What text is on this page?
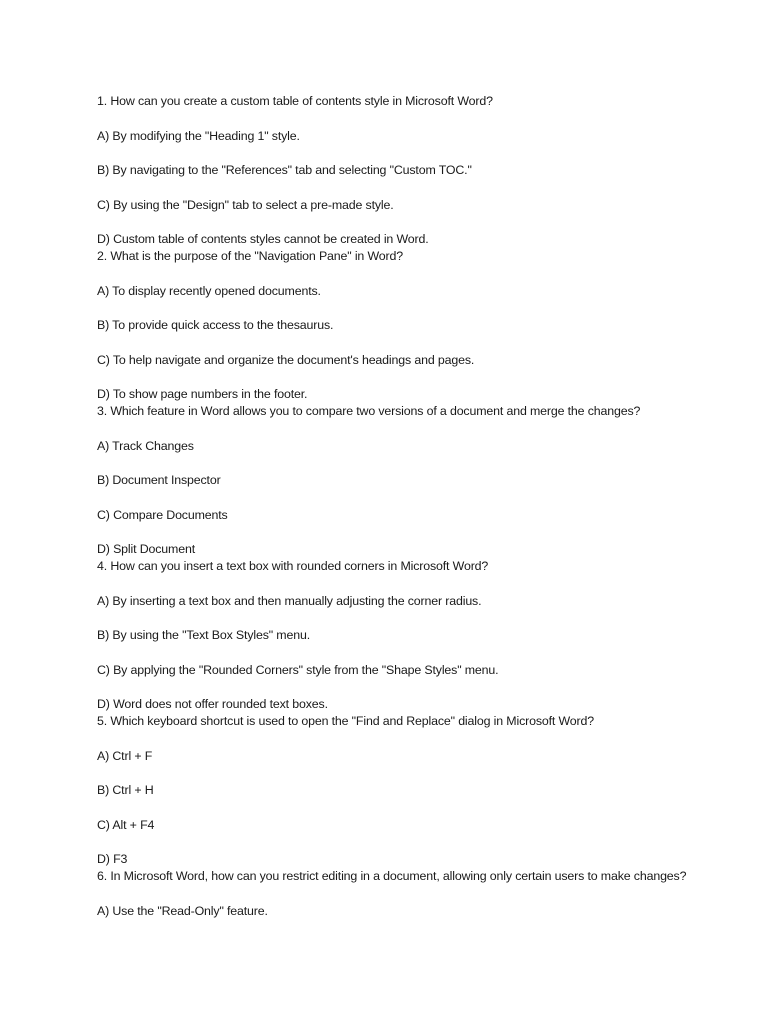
1. How can you create a custom table of contents style in Microsoft Word?
A) By modifying the "Heading 1" style.
B) By navigating to the "References" tab and selecting "Custom TOC."
C) By using the "Design" tab to select a pre-made style.
D) Custom table of contents styles cannot be created in Word.
2. What is the purpose of the "Navigation Pane" in Word?
A) To display recently opened documents.
B) To provide quick access to the thesaurus.
C) To help navigate and organize the document's headings and pages.
D) To show page numbers in the footer.
3. Which feature in Word allows you to compare two versions of a document and merge the changes?
A) Track Changes
B) Document Inspector
C) Compare Documents
D) Split Document
4. How can you insert a text box with rounded corners in Microsoft Word?
A) By inserting a text box and then manually adjusting the corner radius.
B) By using the "Text Box Styles" menu.
C) By applying the "Rounded Corners" style from the "Shape Styles" menu.
D) Word does not offer rounded text boxes.
5. Which keyboard shortcut is used to open the "Find and Replace" dialog in Microsoft Word?
A) Ctrl + F
B) Ctrl + H
C) Alt + F4
D) F3
6. In Microsoft Word, how can you restrict editing in a document, allowing only certain users to make changes?
A) Use the "Read-Only" feature.
